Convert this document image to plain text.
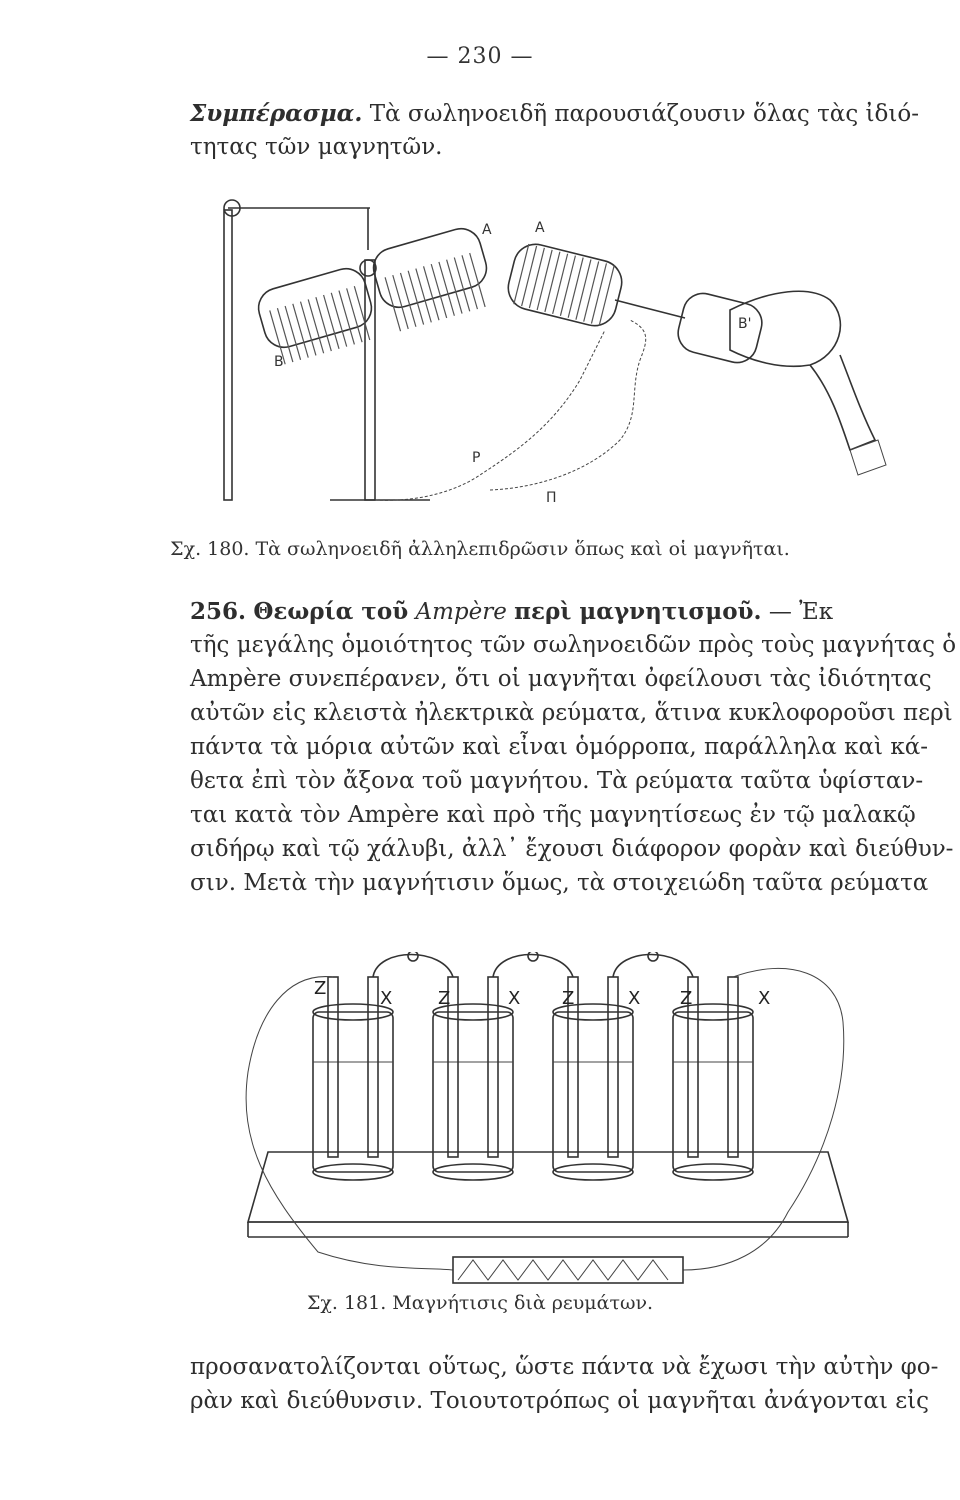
— 230 —
Συμπέρασμα. Τὰ σωληνοειδῆ παρουσιάζουσιν ὅλας τὰς ἰδιό-
τητας τῶν μαγνητῶν.
A
B
A
B'
P
Π
Σχ. 180. Τὰ σωληνοειδῆ ἀλληλεπιδρῶσιν ὅπως καὶ οἱ μαγνῆται.
256. Θεωρία τοῦ Ampère περὶ μαγνητισμοῦ. — Ἐκ
τῆς μεγάλης ὁμοιότητος τῶν σωληνοειδῶν πρὸς τοὺς μαγνήτας ὁ
Ampère συνεπέρανεν, ὅτι οἱ μαγνῆται ὀφείλουσι τὰς ἰδιότητας
αὐτῶν εἰς κλειστὰ ἠλεκτρικὰ ρεύματα, ἅτινα κυκλοφοροῦσι περὶ
πάντα τὰ μόρια αὐτῶν καὶ εἶναι ὁμόρροπα, παράλληλα καὶ κά-
θετα ἐπὶ τὸν ἄξονα τοῦ μαγνήτου. Τὰ ρεύματα ταῦτα ὑφίσταν-
ται κατὰ τὸν Ampère καὶ πρὸ τῆς μαγνητίσεως ἐν τῷ μαλακῷ
σιδήρῳ καὶ τῷ χάλυβι, ἀλλ᾽ ἔχουσι διάφορον φορὰν καὶ διεύθυν-
σιν. Μετὰ τὴν μαγνήτισιν ὅμως, τὰ στοιχειώδη ταῦτα ρεύματα
Z	X	Z	X Z	X Z	X
Σχ. 181. Μαγνήτισις διὰ ρευμάτων.
προσανατολίζονται οὕτως, ὥστε πάντα νὰ ἔχωσι τὴν αὐτὴν φο-
ρὰν καὶ διεύθυνσιν. Τοιουτοτρόπως οἱ μαγνῆται ἀνάγονται εἰς
